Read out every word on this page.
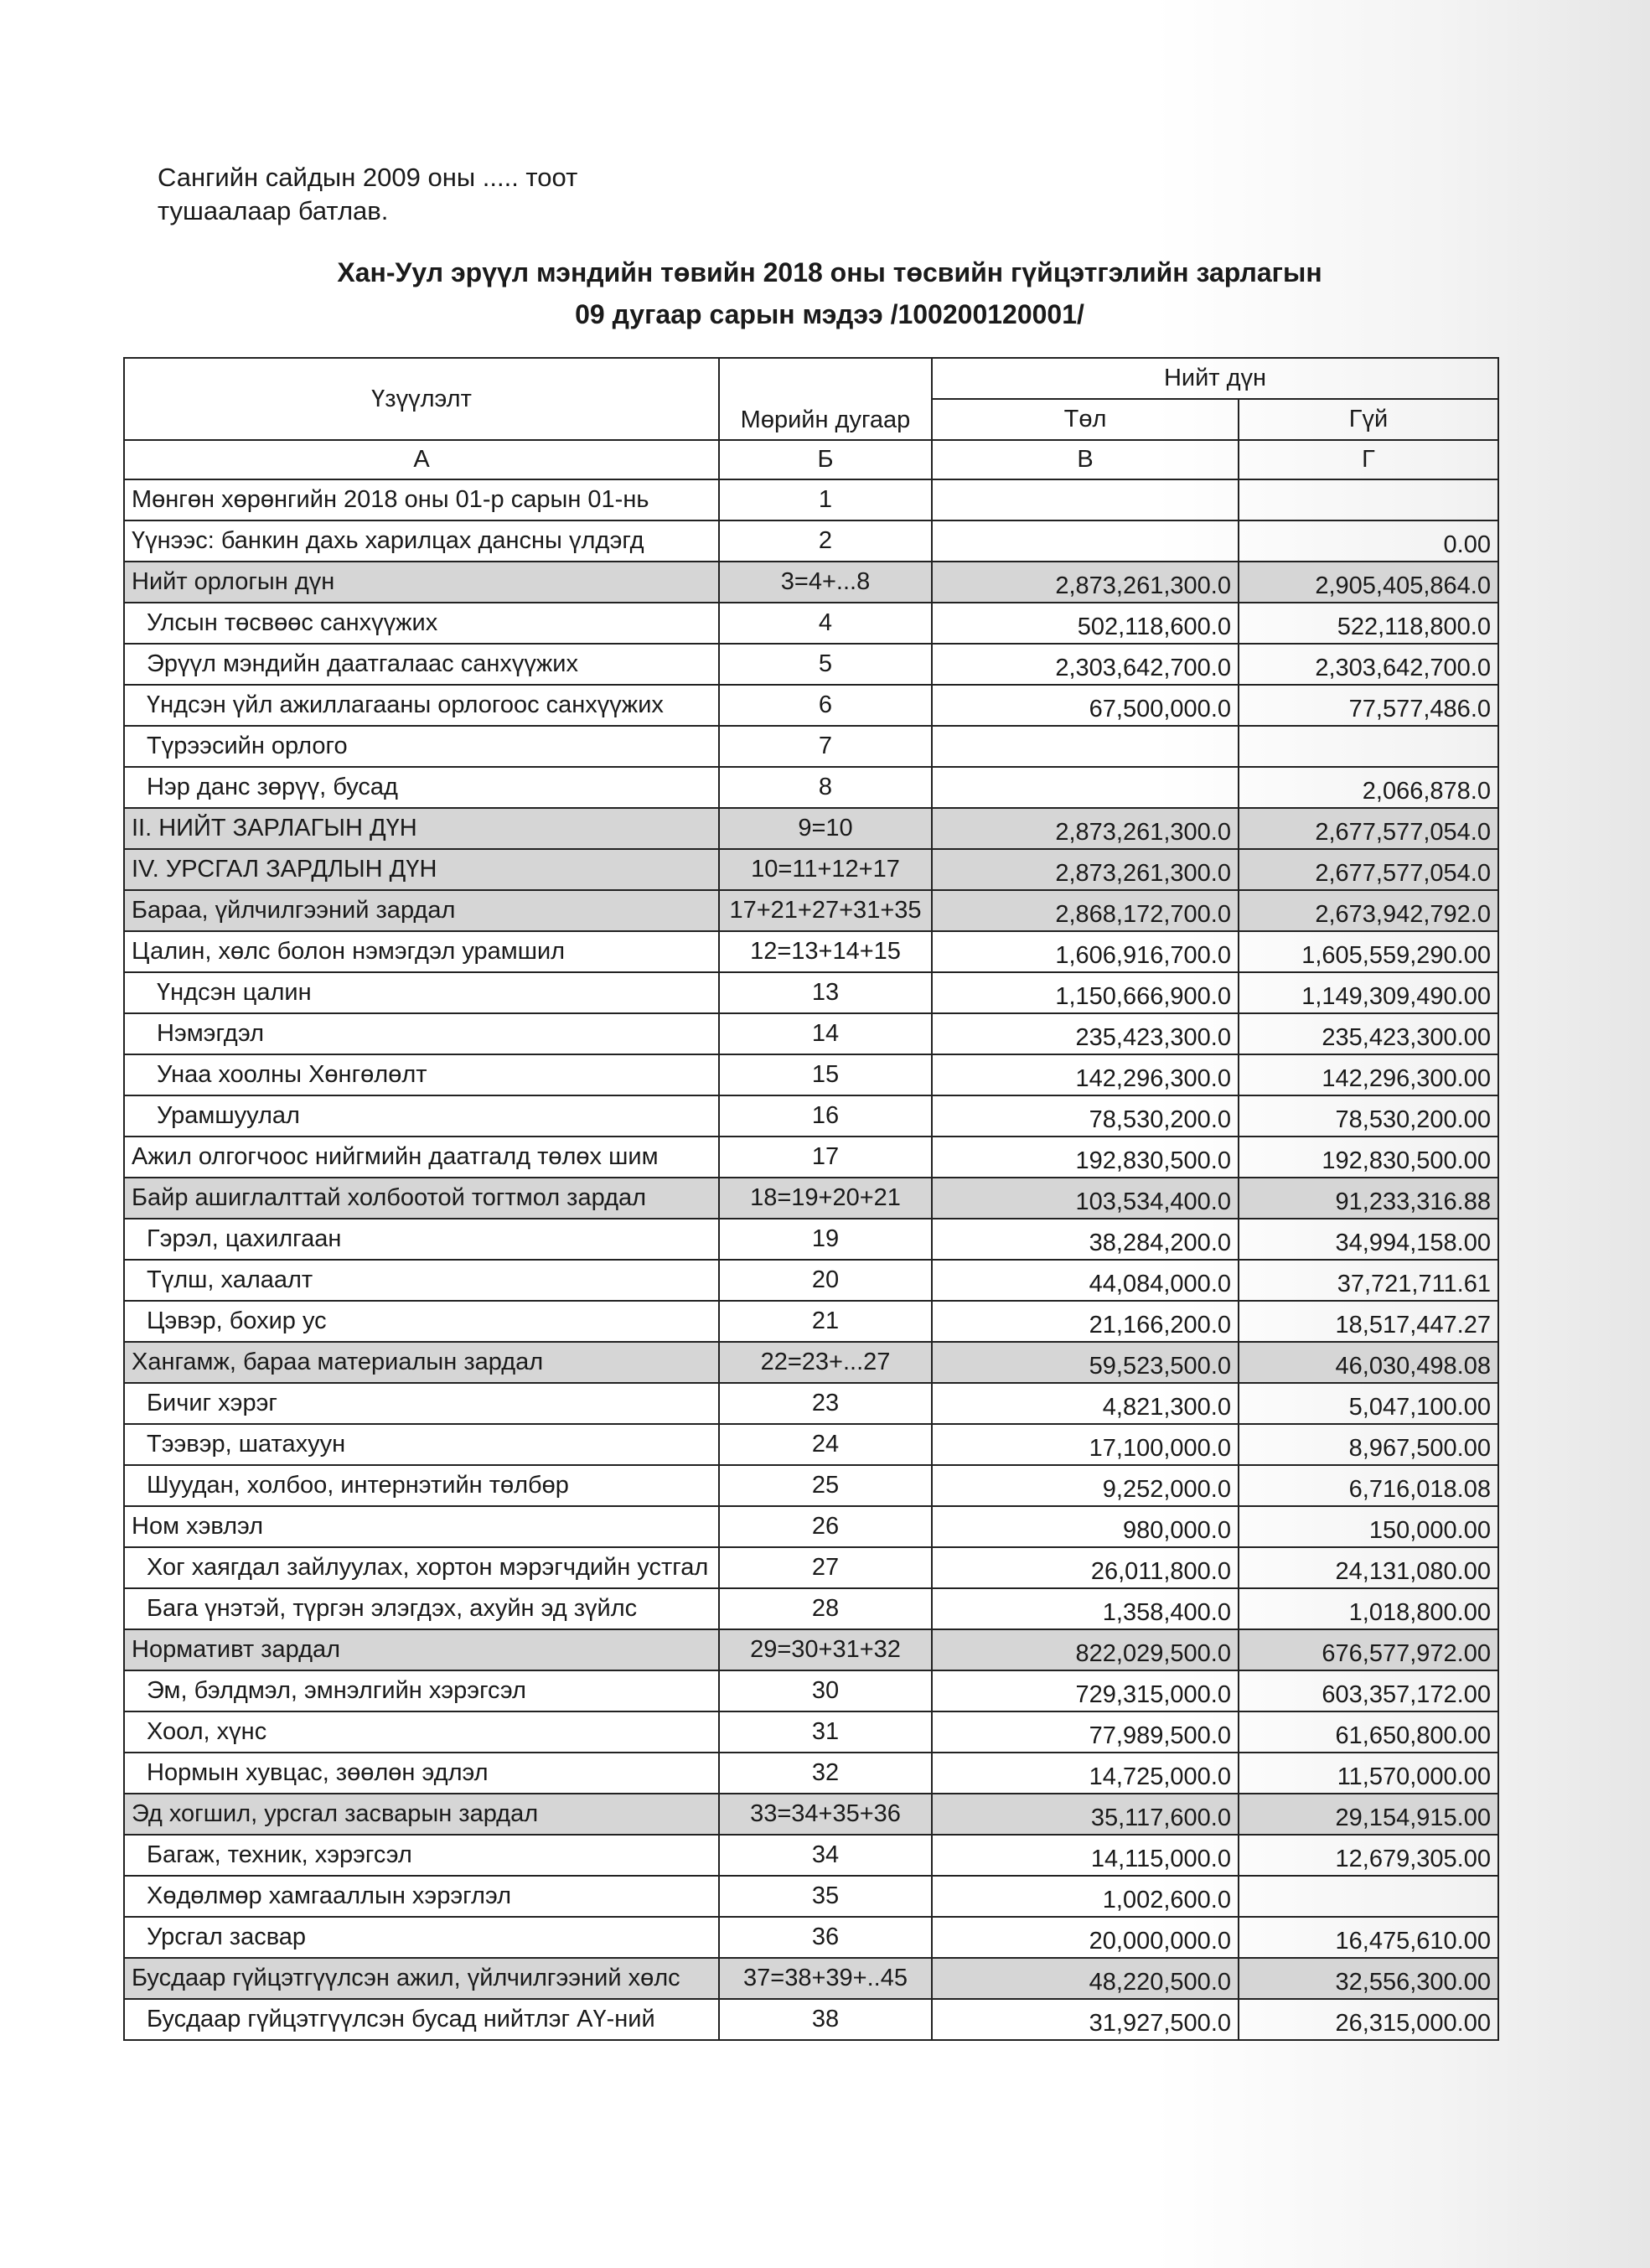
Сангийн сайдын 2009 оны ..... тоот
тушаалаар батлав.
Хан-Уул эрүүл мэндийн төвийн 2018 оны төсвийн гүйцэтгэлийн зарлагын
09 дугаар сарын мэдээ /100200120001/
Үзүүлэлт	Мөрийн дугаар	Нийт дүн	
		Төл	Гүй
А	Б	В	Г
Мөнгөн хөрөнгийн 2018 оны 01-р сарын 01-нь	1		
Үүнээс: банкин дахь харилцах дансны үлдэгд	2		0.00
Нийт орлогын дүн	3=4+...8	2,873,261,300.0	2,905,405,864.0
Улсын төсвөөс санхүүжих	4	502,118,600.0	522,118,800.0
Эрүүл мэндийн даатгалаас санхүүжих	5	2,303,642,700.0	2,303,642,700.0
Үндсэн үйл ажиллагааны орлогоос санхүүжих	6	67,500,000.0	77,577,486.0
Түрээсийн орлого	7		
Нэр данс зөрүү, бусад	8		2,066,878.0
II. НИЙТ ЗАРЛАГЫН ДҮН	9=10	2,873,261,300.0	2,677,577,054.0
IV. УРСГАЛ ЗАРДЛЫН ДҮН	10=11+12+17	2,873,261,300.0	2,677,577,054.0
Бараа, үйлчилгээний зардал	17+21+27+31+35	2,868,172,700.0	2,673,942,792.0
Цалин, хөлс болон нэмэгдэл урамшил	12=13+14+15	1,606,916,700.0	1,605,559,290.00
Үндсэн цалин	13	1,150,666,900.0	1,149,309,490.00
Нэмэгдэл	14	235,423,300.0	235,423,300.00
Унаа хоолны Хөнгөлөлт	15	142,296,300.0	142,296,300.00
Урамшуулал	16	78,530,200.0	78,530,200.00
Ажил олгогчоос нийгмийн даатгалд төлөх шим	17	192,830,500.0	192,830,500.00
Байр ашиглалттай холбоотой тогтмол зардал	18=19+20+21	103,534,400.0	91,233,316.88
Гэрэл, цахилгаан	19	38,284,200.0	34,994,158.00
Түлш, халаалт	20	44,084,000.0	37,721,711.61
Цэвэр, бохир ус	21	21,166,200.0	18,517,447.27
Хангамж, бараа материалын зардал	22=23+...27	59,523,500.0	46,030,498.08
Бичиг хэрэг	23	4,821,300.0	5,047,100.00
Тээвэр, шатахуун	24	17,100,000.0	8,967,500.00
Шуудан, холбоо, интернэтийн төлбөр	25	9,252,000.0	6,716,018.08
Ном хэвлэл	26	980,000.0	150,000.00
Хог хаягдал зайлуулах, хортон мэрэгчдийн устгал	27	26,011,800.0	24,131,080.00
Бага үнэтэй, түргэн элэгдэх, ахуйн эд зүйлс	28	1,358,400.0	1,018,800.00
Нормативт зардал	29=30+31+32	822,029,500.0	676,577,972.00
Эм, бэлдмэл, эмнэлгийн хэрэгсэл	30	729,315,000.0	603,357,172.00
Хоол, хүнс	31	77,989,500.0	61,650,800.00
Нормын хувцас, зөөлөн эдлэл	32	14,725,000.0	11,570,000.00
Эд хогшил, урсгал засварын зардал	33=34+35+36	35,117,600.0	29,154,915.00
Багаж, техник, хэрэгсэл	34	14,115,000.0	12,679,305.00
Хөдөлмөр хамгааллын хэрэглэл	35	1,002,600.0	
Урсгал засвар	36	20,000,000.0	16,475,610.00
Бусдаар гүйцэтгүүлсэн ажил, үйлчилгээний хөлс	37=38+39+..45	48,220,500.0	32,556,300.00
Бусдаар гүйцэтгүүлсэн бусад нийтлэг АҮ-ний	38	31,927,500.0	26,315,000.00
